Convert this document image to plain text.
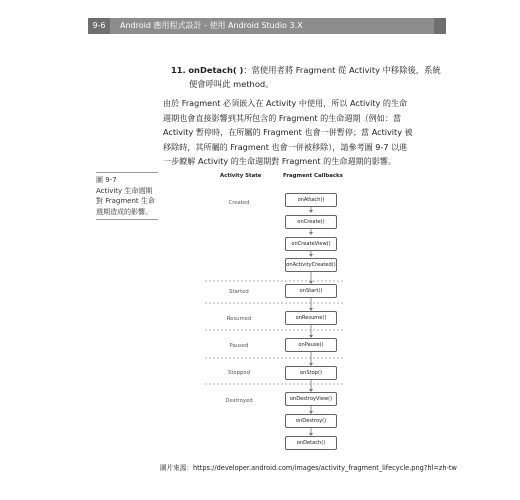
9-6	Android 應用程式設計 - 使用 Android Studio 3.X
11. onDetach( )：當使用者將 Fragment 從 Activity 中移除後，系統
便會呼叫此 method。
由於 Fragment 必須嵌入在 Activity 中使用，所以 Activity 的生命
週期也會直接影響到其所包含的 Fragment 的生命週期（例如：當
Activity 暫停時，在所屬的 Fragment 也會一併暫停；當 Activity 被
移除時，其所屬的 Fragment 也會一併被移除），請參考圖 9-7 以進
一步瞭解 Activity 的生命週期對 Fragment 的生命週期的影響。
圖 9-7
Activity 生命週期
對 Fragment 生命
週期造成的影響。
Activity State	Fragment Callbacks
Created
Started
Resumed
Paused
Stopped
Destroyed
onAttach()
onCreate()
onCreateView()
onActivityCreated()
onStart()
onResume()
onPause()
onStop()
onDestroyView()
onDestroy()
onDetach()
圖片來源：https://developer.android.com/images/activity_fragment_lifecycle.png?hl=zh-tw
